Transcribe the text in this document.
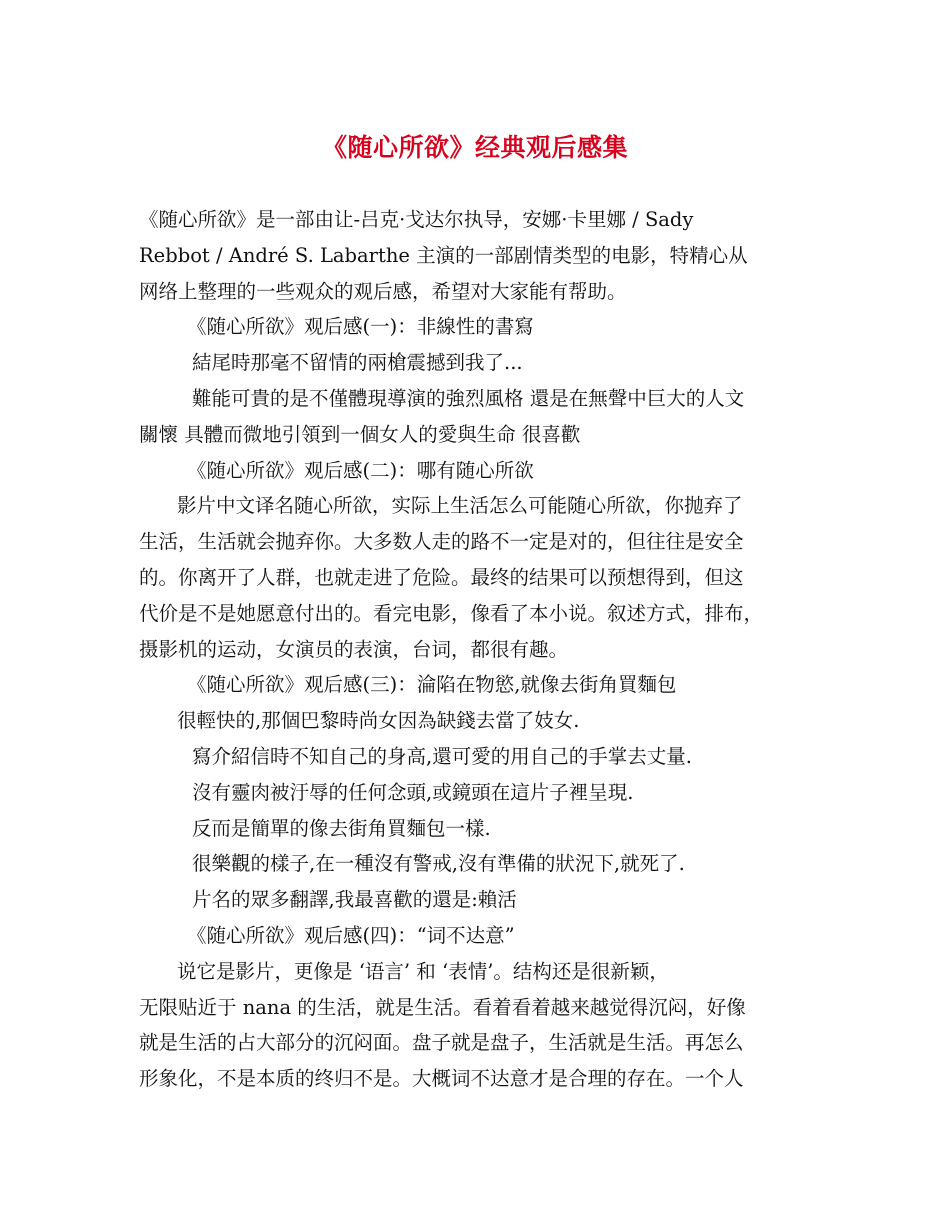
《随心所欲》经典观后感集
《随心所欲》是一部由让-吕克·戈达尔执导，安娜·卡里娜 / Sady
Rebbot / André S. Labarthe 主演的一部剧情类型的电影，特精心从
网络上整理的一些观众的观后感，希望对大家能有帮助。
《随心所欲》观后感(一)：非線性的書寫
結尾時那毫不留情的兩槍震撼到我了...
難能可貴的是不僅體現導演的強烈風格 還是在無聲中巨大的人文
關懷 具體而微地引領到一個女人的愛與生命 很喜歡
《随心所欲》观后感(二)：哪有随心所欲
影片中文译名随心所欲，实际上生活怎么可能随心所欲，你抛弃了
生活，生活就会抛弃你。大多数人走的路不一定是对的，但往往是安全
的。你离开了人群，也就走进了危险。最终的结果可以预想得到，但这
代价是不是她愿意付出的。看完电影，像看了本小说。叙述方式，排布，
摄影机的运动，女演员的表演，台词，都很有趣。
《随心所欲》观后感(三)：淪陷在物慾,就像去街角買麵包
很輕快的,那個巴黎時尚女因為缺錢去當了妓女.
寫介紹信時不知自己的身高,還可愛的用自己的手掌去丈量.
沒有靈肉被汙辱的任何念頭,或鏡頭在這片子裡呈現.
反而是簡單的像去街角買麵包一樣.
很樂觀的樣子,在一種沒有警戒,沒有準備的狀況下,就死了.
片名的眾多翻譯,我最喜歡的還是:賴活
《随心所欲》观后感(四)：“词不达意”
说它是影片，更像是 ‘语言’ 和 ‘表情’。结构还是很新颖，
无限贴近于 nana 的生活，就是生活。看着看着越来越觉得沉闷，好像
就是生活的占大部分的沉闷面。盘子就是盘子，生活就是生活。再怎么
形象化，不是本质的终归不是。大概词不达意才是合理的存在。一个人
